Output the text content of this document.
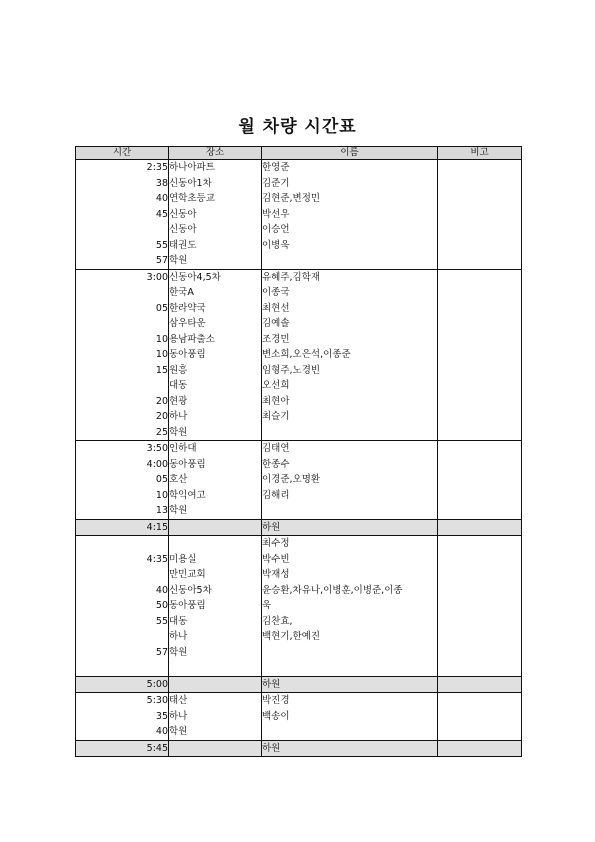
월 차량 시간표
시간	장소	이름	비고
2:35	하나아파트	한영준	
38	신동아1차	김준기	
40	연학초등교	김현준,변정민	
45	신동아	박선우	
	신동아	이승언	
55	태권도	이병욱	
57	학원		
3:00	신동아4,5차	유혜주,김학재	
	한국A	이종국	
05	한라약국	최현선	
	삼우타운	김예솔	
10	용남파출소	조경민	
10	동아풍림	변소희,오은석,이종준	
15	원흥	임형주,노경빈	
	대동	오선희	
20	현광	최현아	
20	하나	최슬기	
25	학원		
3:50	인하대	김태연	
4:00	동아풍림	한종수	
05	호산	이경준,오명환	
10	학익여고	김해리	
13	학원		
4:15		하원	
		최수정	
4:35	미용실	박수빈	
	만민교회	박재성	
40	신동아5차	윤승환,차유나,이병훈,이병준,이종	
50	동아풍림	욱	
55	대동	김찬효,	
	하나	백현기,한예진	
57	학원		

5:00		하원	
5:30	태산	박진경	
35	하나	백송이	
40	학원		
5:45		하원	
